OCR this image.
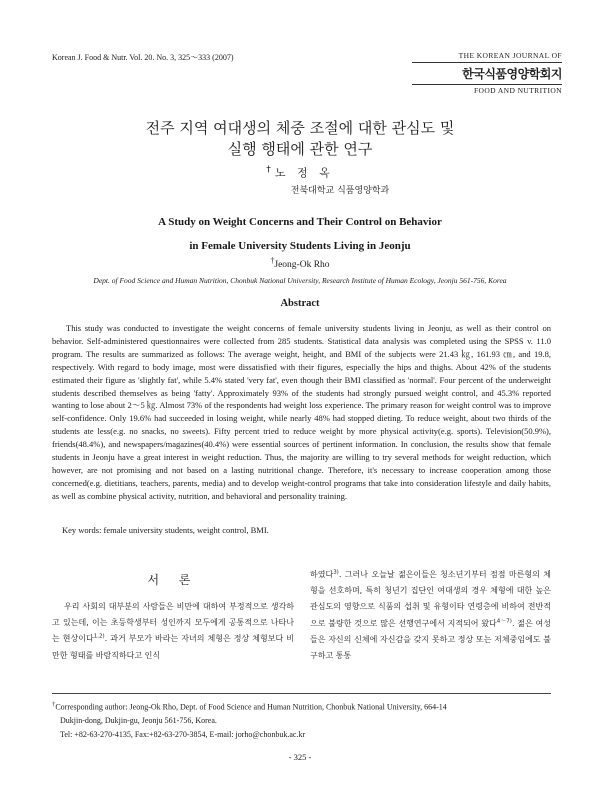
Korean J. Food & Nutr. Vol. 20. No. 3, 325～333 (2007)	THE KOREAN JOURNAL OF
한국식품영양학회지
FOOD AND NUTRITION
전주 지역 여대생의 체중 조절에 대한 관심도 및
실행 행태에 관한 연구
†노 정 옥
전북대학교 식품영양학과
A Study on Weight Concerns and Their Control on Behavior
in Female University Students Living in Jeonju
†Jeong-Ok Rho
Dept. of Food Science and Human Nutrition, Chonbuk National University, Research Institute of Human Ecology, Jeonju 561-756, Korea
Abstract

This study was conducted to investigate the weight concerns of female university students living in Jeonju, as well as their control on behavior. Self-administered questionnaires were collected from 285 students. Statistical data analysis was completed using the SPSS v. 11.0 program. The results are summarized as follows: The average weight, height, and BMI of the subjects were 21.43 ㎏, 161.93 ㎝, and 19.8, respectively. With regard to body image, most were dissatisfied with their figures, especially the hips and thighs. About 42% of the students estimated their figure as 'slightly fat', while 5.4% stated 'very fat', even though their BMI classified as 'normal'. Four percent of the underweight students described themselves as being 'fatty'. Approximately 93% of the students had strongly pursued weight control, and 45.3% reported wanting to lose about 2～5 ㎏. Almost 73% of the respondents had weight loss experience. The primary reason for weight control was to improve self-confidence. Only 19.6% had succeeded in losing weight, while nearly 48% had stopped dieting. To reduce weight, about two thirds of the students ate less(e.g. no snacks, no sweets). Fifty percent tried to reduce weight by more physical activity(e.g. sports). Television(50.9%), friends(48.4%), and newspapers/magazines(40.4%) were essential sources of pertinent information. In conclusion, the results show that female students in Jeonju have a great interest in weight reduction. Thus, the majority are willing to try several methods for weight reduction, which however, are not promising and not based on a lasting nutritional change. Therefore, it's necessary to increase cooperation among those concerned(e.g. dietitians, teachers, parents, media) and to develop weight-control programs that take into consideration lifestyle and daily habits, as well as combine physical activity, nutrition, and behavioral and personality training.

Key words: female university students, weight control, BMI.
서 론

우리 사회의 대부분의 사람들은 비만에 대하여 부정적으로 생각하고 있는데, 이는 초등학생부터 성인까지 모두에게 공통적으로 나타나는 현상이다$^{1,2)}$. 과거 부모가 바라는 자녀의 체형은 정상 체형보다 비만한 형태를 바람직하다고 인식

하였다$^{3)}$. 그러나 오늘날 젊은이들은 청소년기부터 점점 마른형의 체형을 선호하며, 특히 청년기 집단인 여대생의 경우 체형에 대한 높은 관심도의 영향으로 식품의 섭취 및 유형이타 연령층에 비하여 전반적으로 불량한 것으로 많은 선행연구에서 지적되어 왔다$^{4\sim 7)}$. 젊은 여성들은 자신의 신체에 자신감을 갖지 못하고 정상 또는 저체중임에도 불구하고 통통

†Corresponding author: Jeong-Ok Rho, Dept. of Food Science and Human Nutrition, Chonbuk National University, 664-14

Dukjin-dong, Dukjin-gu, Jeonju 561-756, Korea.
Tel: +82-63-270-4135, Fax:+82-63-270-3854, E-mail: jorho@chonbuk.ac.kr

- 325 -
